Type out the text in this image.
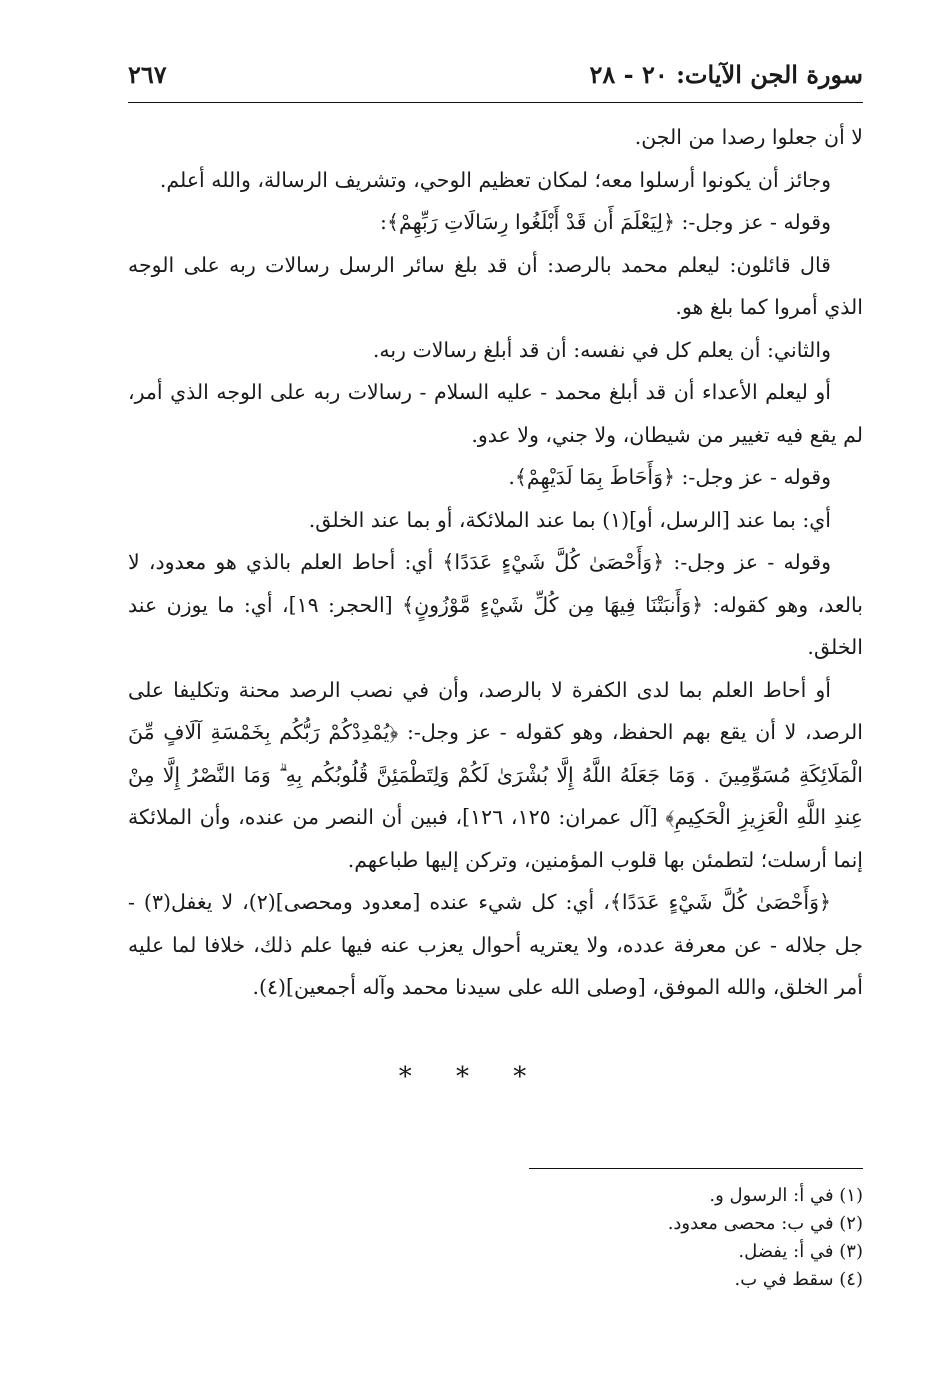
سورة الجن الآيات: ٢٠ - ٢٨
٢٦٧

لا أن جعلوا رصدا من الجن.

وجائز أن يكونوا أرسلوا معه؛ لمكان تعظيم الوحي، وتشريف الرسالة، والله أعلم.

وقوله - عز وجل-: ﴿لِيَعْلَمَ أَن قَدْ أَبْلَغُوا رِسَالَاتِ رَبِّهِمْ﴾:

قال قائلون: ليعلم محمد بالرصد: أن قد بلغ سائر الرسل رسالات ربه على الوجه الذي أمروا كما بلغ هو.

والثاني: أن يعلم كل في نفسه: أن قد أبلغ رسالات ربه.

أو ليعلم الأعداء أن قد أبلغ محمد - عليه السلام - رسالات ربه على الوجه الذي أمر، لم يقع فيه تغيير من شيطان، ولا جني، ولا عدو.

وقوله - عز وجل-: ﴿وَأَحَاطَ بِمَا لَدَيْهِمْ﴾.

أي: بما عند [الرسل، أو](١) بما عند الملائكة، أو بما عند الخلق.

وقوله - عز وجل-: ﴿وَأَحْصَىٰ كُلَّ شَيْءٍ عَدَدًا﴾ أي: أحاط العلم بالذي هو معدود، لا بالعد، وهو كقوله: ﴿وَأَنبَتْنَا فِيهَا مِن كُلِّ شَيْءٍ مَّوْزُونٍ﴾ [الحجر: ١٩]، أي: ما يوزن عند الخلق.

أو أحاط العلم بما لدى الكفرة لا بالرصد، وأن في نصب الرصد محنة وتكليفا على الرصد، لا أن يقع بهم الحفظ، وهو كقوله - عز وجل-: ﴿يُمْدِدْكُمْ رَبُّكُم بِخَمْسَةِ آلَافٍ مِّنَ الْمَلَائِكَةِ مُسَوِّمِينَ . وَمَا جَعَلَهُ اللَّهُ إِلَّا بُشْرَىٰ لَكُمْ وَلِتَطْمَئِنَّ قُلُوبُكُم بِهِ ۗ وَمَا النَّصْرُ إِلَّا مِنْ عِندِ اللَّهِ الْعَزِيزِ الْحَكِيمِ﴾ [آل عمران: ١٢٥، ١٢٦]، فبين أن النصر من عنده، وأن الملائكة إنما أرسلت؛ لتطمئن بها قلوب المؤمنين، وتركن إليها طباعهم.

﴿وَأَحْصَىٰ كُلَّ شَيْءٍ عَدَدًا﴾، أي: كل شيء عنده [معدود ومحصى](٢)، لا يغفل(٣) - جل جلاله - عن معرفة عدده، ولا يعتريه أحوال يعزب عنه فيها علم ذلك، خلافا لما عليه أمر الخلق، والله الموفق، [وصلى الله على سيدنا محمد وآله أجمعين](٤).

* * *
(١) في أ: الرسول و.
(٢) في ب: محصى معدود.
(٣) في أ: يفضل.
(٤) سقط في ب.
